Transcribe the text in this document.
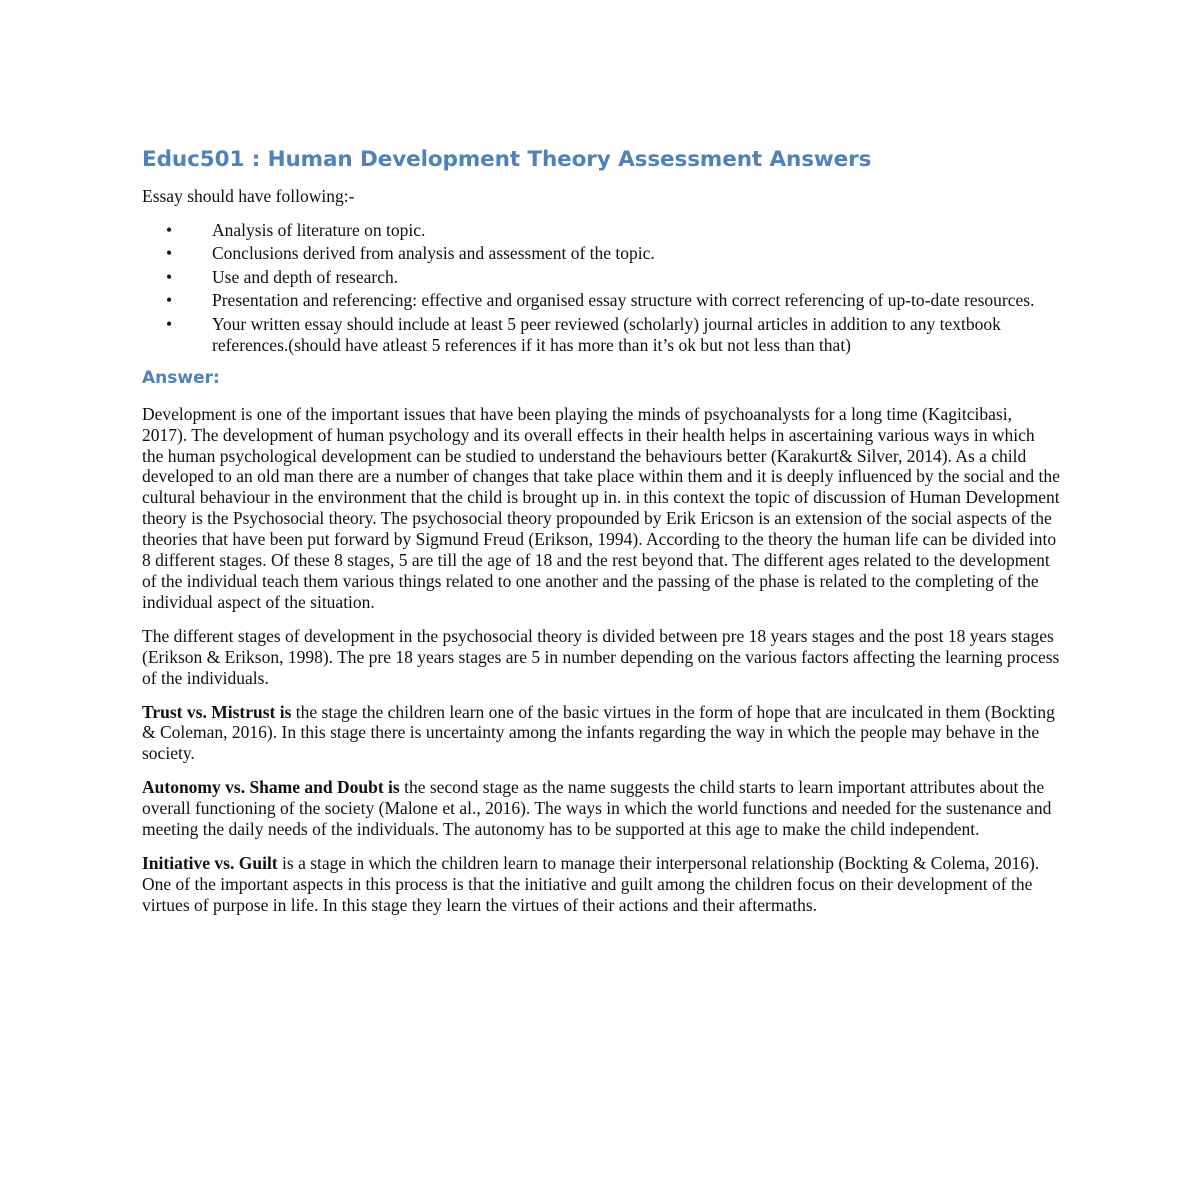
Educ501 : Human Development Theory Assessment Answers

Essay should have following:-

• Analysis of literature on topic.
• Conclusions derived from analysis and assessment of the topic.
• Use and depth of research.
• Presentation and referencing: effective and organised essay structure with correct referencing of up-to-date resources.
• Your written essay should include at least 5 peer reviewed (scholarly) journal articles in addition to any textbook references.(should have atleast 5 references if it has more than it’s ok but not less than that)
Answer:

Development is one of the important issues that have been playing the minds of psychoanalysts for a long time (Kagitcibasi, 2017). The development of human psychology and its overall effects in their health helps in ascertaining various ways in which the human psychological development can be studied to understand the behaviours better (Karakurt& Silver, 2014). As a child developed to an old man there are a number of changes that take place within them and it is deeply influenced by the social and the cultural behaviour in the environment that the child is brought up in. in this context the topic of discussion of Human Development theory is the Psychosocial theory. The psychosocial theory propounded by Erik Ericson is an extension of the social aspects of the theories that have been put forward by Sigmund Freud (Erikson, 1994). According to the theory the human life can be divided into 8 different stages. Of these 8 stages, 5 are till the age of 18 and the rest beyond that. The different ages related to the development of the individual teach them various things related to one another and the passing of the phase is related to the completing of the individual aspect of the situation.

The different stages of development in the psychosocial theory is divided between pre 18 years stages and the post 18 years stages (Erikson & Erikson, 1998). The pre 18 years stages are 5 in number depending on the various factors affecting the learning process of the individuals.

Trust vs. Mistrust is the stage the children learn one of the basic virtues in the form of hope that are inculcated in them (Bockting & Coleman, 2016). In this stage there is uncertainty among the infants regarding the way in which the people may behave in the society.

Autonomy vs. Shame and Doubt is the second stage as the name suggests the child starts to learn important attributes about the overall functioning of the society (Malone et al., 2016). The ways in which the world functions and needed for the sustenance and meeting the daily needs of the individuals. The autonomy has to be supported at this age to make the child independent.

Initiative vs. Guilt is a stage in which the children learn to manage their interpersonal relationship (Bockting & Colema, 2016). One of the important aspects in this process is that the initiative and guilt among the children focus on their development of the virtues of purpose in life. In this stage they learn the virtues of their actions and their aftermaths.
